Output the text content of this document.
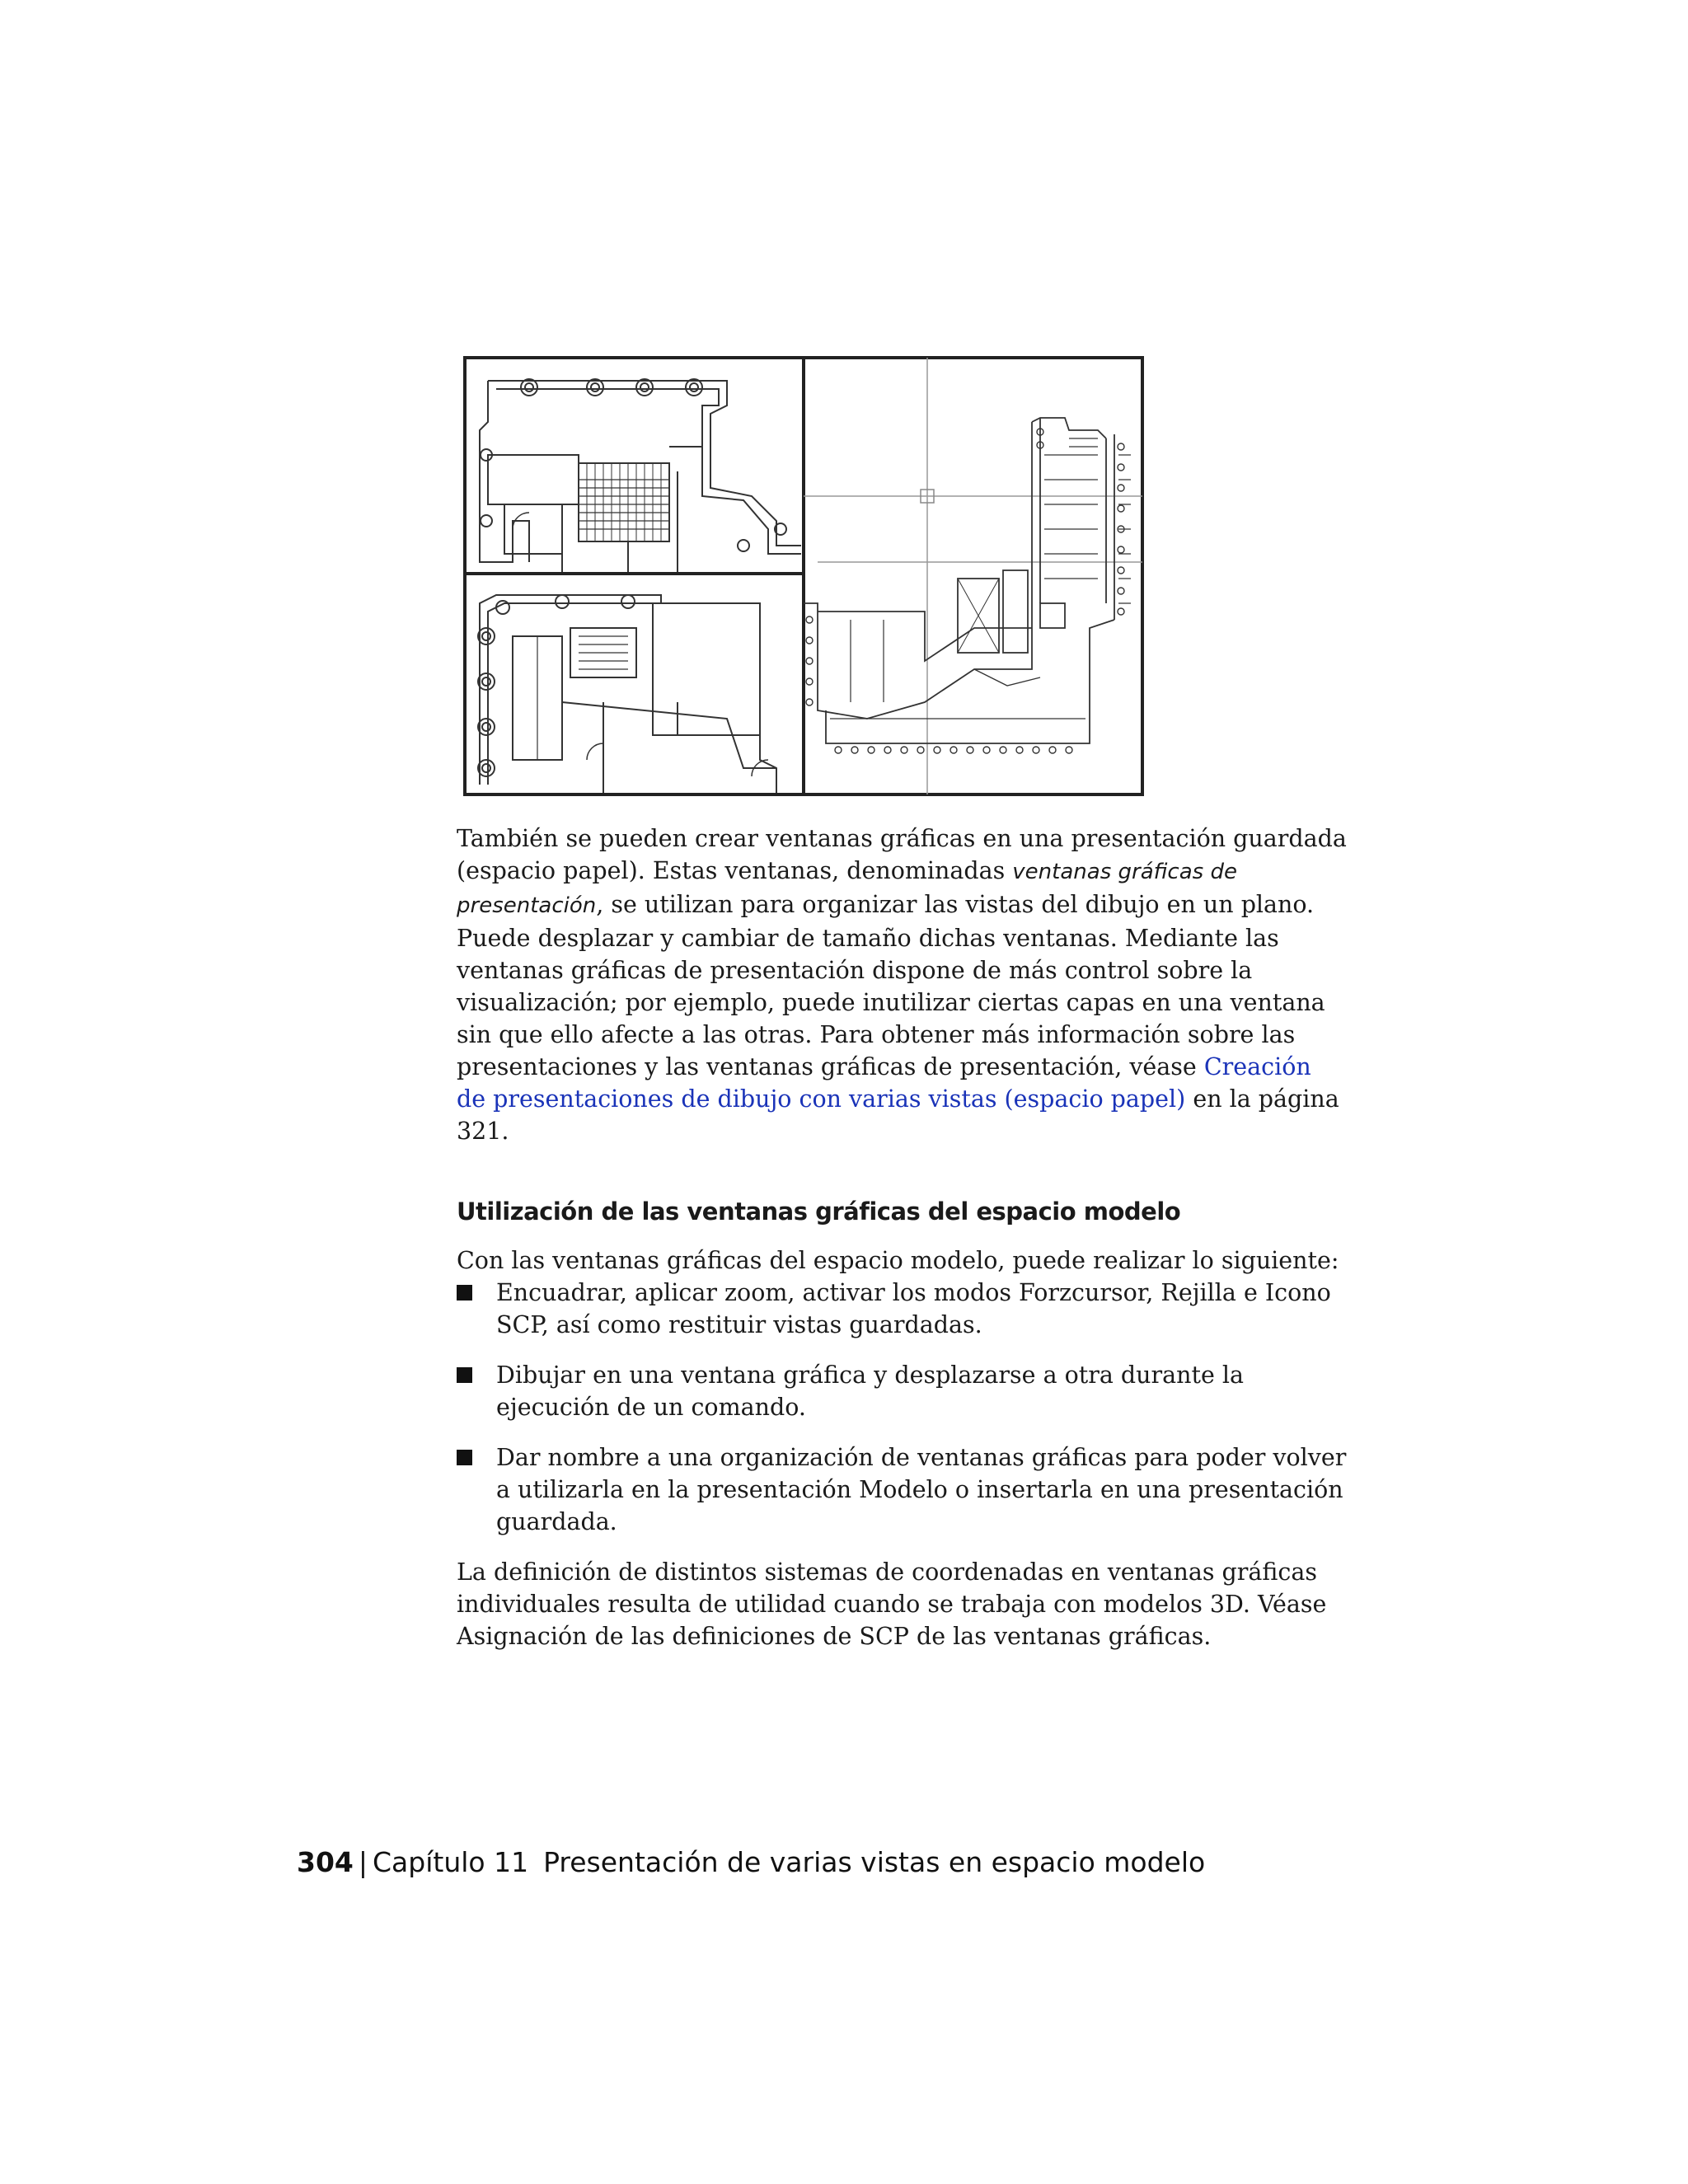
También se pueden crear ventanas gráficas en una presentación guardada (espacio papel). Estas ventanas, denominadas ventanas gráficas de presentación, se utilizan para organizar las vistas del dibujo en un plano. Puede desplazar y cambiar de tamaño dichas ventanas. Mediante las ventanas gráficas de presentación dispone de más control sobre la visualización; por ejemplo, puede inutilizar ciertas capas en una ventana sin que ello afecte a las otras. Para obtener más información sobre las presentaciones y las ventanas gráficas de presentación, véase Creación de presentaciones de dibujo con varias vistas (espacio papel) en la página 321.

Utilización de las ventanas gráficas del espacio modelo

Con las ventanas gráficas del espacio modelo, puede realizar lo siguiente:

Encuadrar, aplicar zoom, activar los modos Forzcursor, Rejilla e Icono SCP, así como restituir vistas guardadas.
Dibujar en una ventana gráfica y desplazarse a otra durante la ejecución de un comando.
Dar nombre a una organización de ventanas gráficas para poder volver a utilizarla en la presentación Modelo o insertarla en una presentación guardada.

La definición de distintos sistemas de coordenadas en ventanas gráficas individuales resulta de utilidad cuando se trabaja con modelos 3D. Véase Asignación de las definiciones de SCP de las ventanas gráficas.

304 | Capítulo 11 Presentación de varias vistas en espacio modelo
